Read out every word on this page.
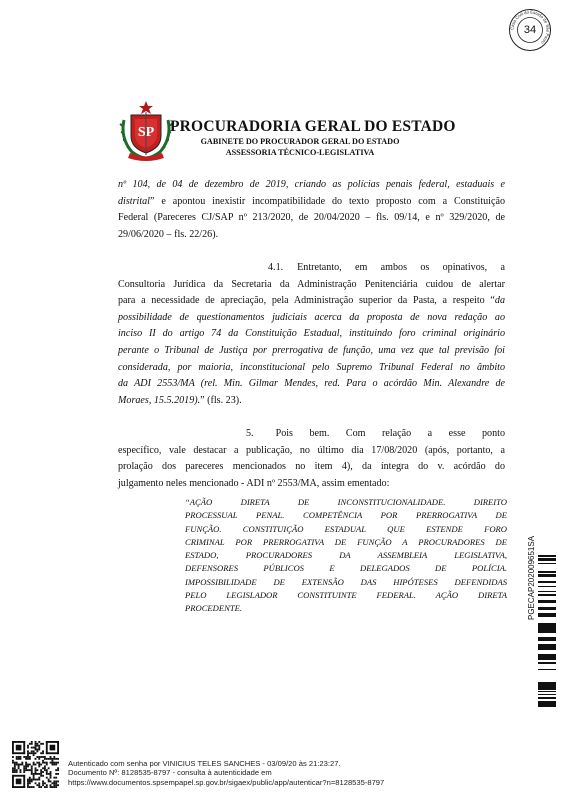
Casa Civil do Estado de São Paulo
34
SP PROCURADORIA GERAL DO ESTADO
GABINETE DO PROCURADOR GERAL DO ESTADO
ASSESSORIA TÉCNICO-LEGISLATIVA
nº 104, de 04 de dezembro de 2019, criando as polícias penais federal, estaduais e
distrital” e apontou inexistir incompatibilidade do texto proposto com a Constituição
Federal (Pareceres CJ/SAP nº 213/2020, de 20/04/2020 – fls. 09/14, e nº 329/2020, de
29/06/2020 – fls. 22/26).
4.1. Entretanto, em ambos os opinativos, a
Consultoria Jurídica da Secretaria da Administração Penitenciária cuidou de alertar
para a necessidade de apreciação, pela Administração superior da Pasta, a respeito “da
possibilidade de questionamentos judiciais acerca da proposta de nova redação ao
inciso II do artigo 74 da Constituição Estadual, instituindo foro criminal originário
perante o Tribunal de Justiça por prerrogativa de função, uma vez que tal previsão foi
considerada, por maioria, inconstitucional pelo Supremo Tribunal Federal no âmbito
da ADI 2553/MA (rel. Min. Gilmar Mendes, red. Para o acórdão Min. Alexandre de
Moraes, 15.5.2019).” (fls. 23).
5. Pois bem. Com relação a esse ponto
específico, vale destacar a publicação, no último dia 17/08/2020 (após, portanto, a
prolação dos pareceres mencionados no item 4), da íntegra do v. acórdão do
julgamento neles mencionado - ADI nº 2553/MA, assim ementado:
“AÇÃO DIRETA DE INCONSTITUCIONALIDADE. DIREITO
PROCESSUAL PENAL. COMPETÊNCIA POR PRERROGATIVA DE
FUNÇÃO. CONSTITUIÇÃO ESTADUAL QUE ESTENDE FORO
CRIMINAL POR PRERROGATIVA DE FUNÇÃO A PROCURADORES DE
ESTADO, PROCURADORES DA ASSEMBLEIA LEGISLATIVA,
DEFENSORES PÚBLICOS E DELEGADOS DE POLÍCIA.
IMPOSSIBILIDADE DE EXTENSÃO DAS HIPÓTESES DEFENDIDAS
PELO LEGISLADOR CONSTITUINTE FEDERAL. AÇÃO DIRETA
PROCEDENTE.	PGECAP202009651SA
Autenticado com senha por VINICIUS TELES SANCHES - 03/09/20 às 21:23:27.
Documento Nº: 8128535-8797 - consulta à autenticidade em
https://www.documentos.spsempapel.sp.gov.br/sigaex/public/app/autenticar?n=8128535-8797
